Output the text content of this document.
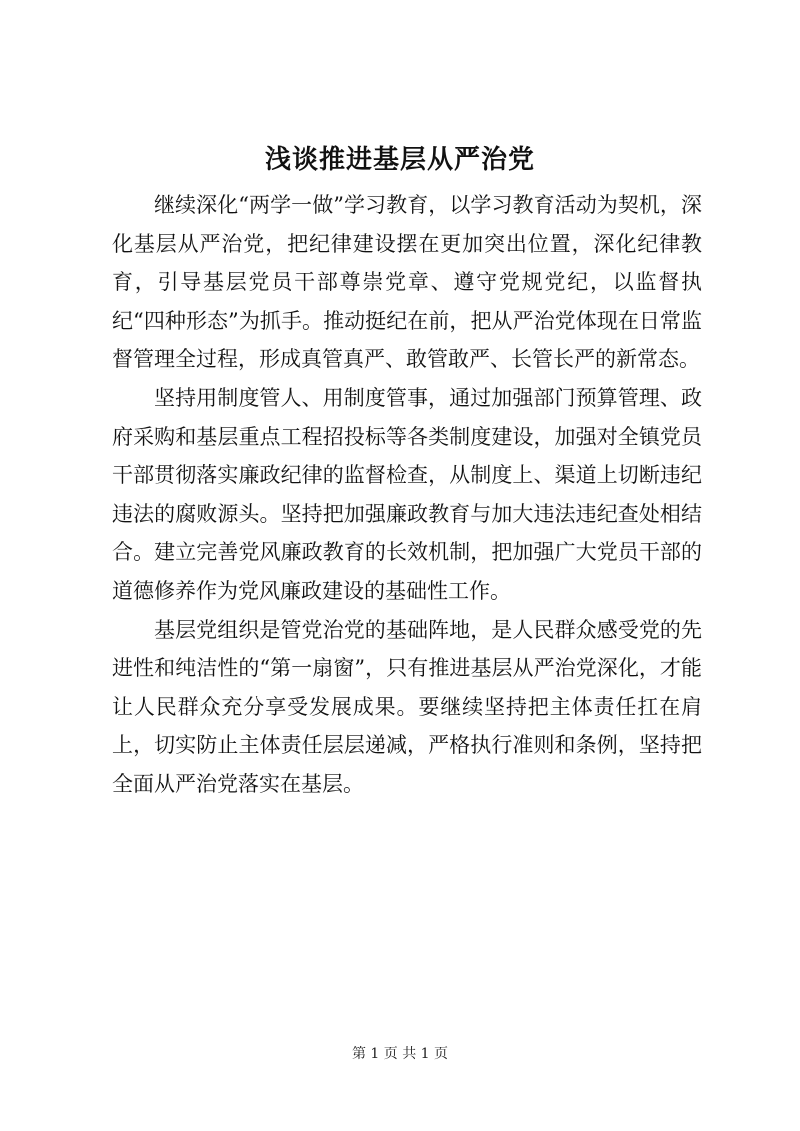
浅谈推进基层从严治党

继续深化“两学一做”学习教育，以学习教育活动为契机，深化基层从严治党，把纪律建设摆在更加突出位置，深化纪律教育，引导基层党员干部尊崇党章、遵守党规党纪，以监督执纪“四种形态”为抓手。推动挺纪在前，把从严治党体现在日常监督管理全过程，形成真管真严、敢管敢严、长管长严的新常态。

坚持用制度管人、用制度管事，通过加强部门预算管理、政府采购和基层重点工程招投标等各类制度建设，加强对全镇党员干部贯彻落实廉政纪律的监督检查，从制度上、渠道上切断违纪违法的腐败源头。坚持把加强廉政教育与加大违法违纪查处相结合。建立完善党风廉政教育的长效机制，把加强广大党员干部的道德修养作为党风廉政建设的基础性工作。

基层党组织是管党治党的基础阵地，是人民群众感受党的先进性和纯洁性的“第一扇窗”，只有推进基层从严治党深化，才能让人民群众充分享受发展成果。要继续坚持把主体责任扛在肩上，切实防止主体责任层层递减，严格执行准则和条例，坚持把全面从严治党落实在基层。

第 1 页 共 1 页
